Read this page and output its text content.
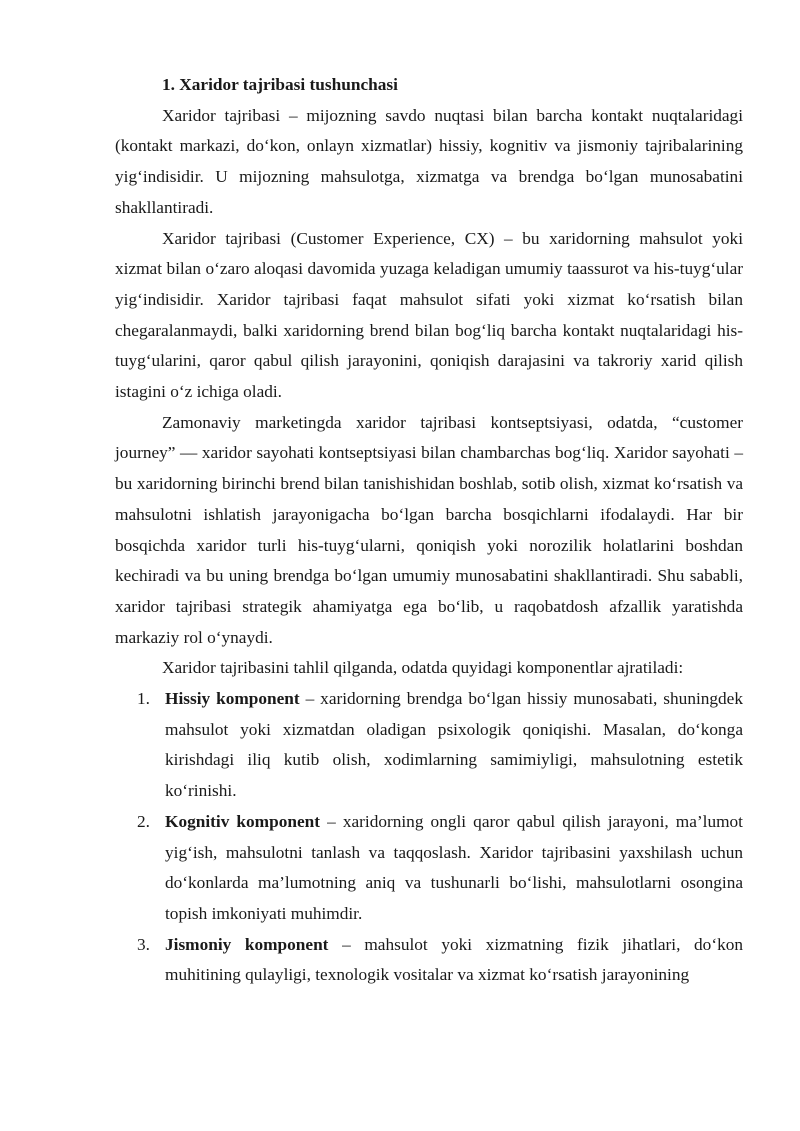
1. Xaridor tajribasi tushunchasi

Xaridor tajribasi – mijozning savdo nuqtasi bilan barcha kontakt nuqtalaridagi (kontakt markazi, do‘kon, onlayn xizmatlar) hissiy, kognitiv va jismoniy tajribalarining yig‘indisidir. U mijozning mahsulotga, xizmatga va brendga bo‘lgan munosabatini shakllantiradi.

Xaridor tajribasi (Customer Experience, CX) – bu xaridorning mahsulot yoki xizmat bilan o‘zaro aloqasi davomida yuzaga keladigan umumiy taassurot va his-tuyg‘ular yig‘indisidir. Xaridor tajribasi faqat mahsulot sifati yoki xizmat ko‘rsatish bilan chegaralanmaydi, balki xaridorning brend bilan bog‘liq barcha kontakt nuqtalaridagi his-tuyg‘ularini, qaror qabul qilish jarayonini, qoniqish darajasini va takroriy xarid qilish istagini o‘z ichiga oladi.

Zamonaviy marketingda xaridor tajribasi kontseptsiyasi, odatda, “customer journey” — xaridor sayohati kontseptsiyasi bilan chambarchas bog‘liq. Xaridor sayohati – bu xaridorning birinchi brend bilan tanishishidan boshlab, sotib olish, xizmat ko‘rsatish va mahsulotni ishlatish jarayonigacha bo‘lgan barcha bosqichlarni ifodalaydi. Har bir bosqichda xaridor turli his-tuyg‘ularni, qoniqish yoki norozilik holatlarini boshdan kechiradi va bu uning brendga bo‘lgan umumiy munosabatini shakllantiradi. Shu sababli, xaridor tajribasi strategik ahamiyatga ega bo‘lib, u raqobatdosh afzallik yaratishda markaziy rol o‘ynaydi.

Xaridor tajribasini tahlil qilganda, odatda quyidagi komponentlar ajratiladi:

1. Hissiy komponent – xaridorning brendga bo‘lgan hissiy munosabati, shuningdek mahsulot yoki xizmatdan oladigan psixologik qoniqishi. Masalan, do‘konga kirishdagi iliq kutib olish, xodimlarning samimiyligi, mahsulotning estetik ko‘rinishi.
2. Kognitiv komponent – xaridorning ongli qaror qabul qilish jarayoni, ma’lumot yig‘ish, mahsulotni tanlash va taqqoslash. Xaridor tajribasini yaxshilash uchun do‘konlarda ma’lumotning aniq va tushunarli bo‘lishi, mahsulotlarni osongina topish imkoniyati muhimdir.
3. Jismoniy komponent – mahsulot yoki xizmatning fizik jihatlari, do‘kon muhitining qulayligi, texnologik vositalar va xizmat ko‘rsatish jarayonining
